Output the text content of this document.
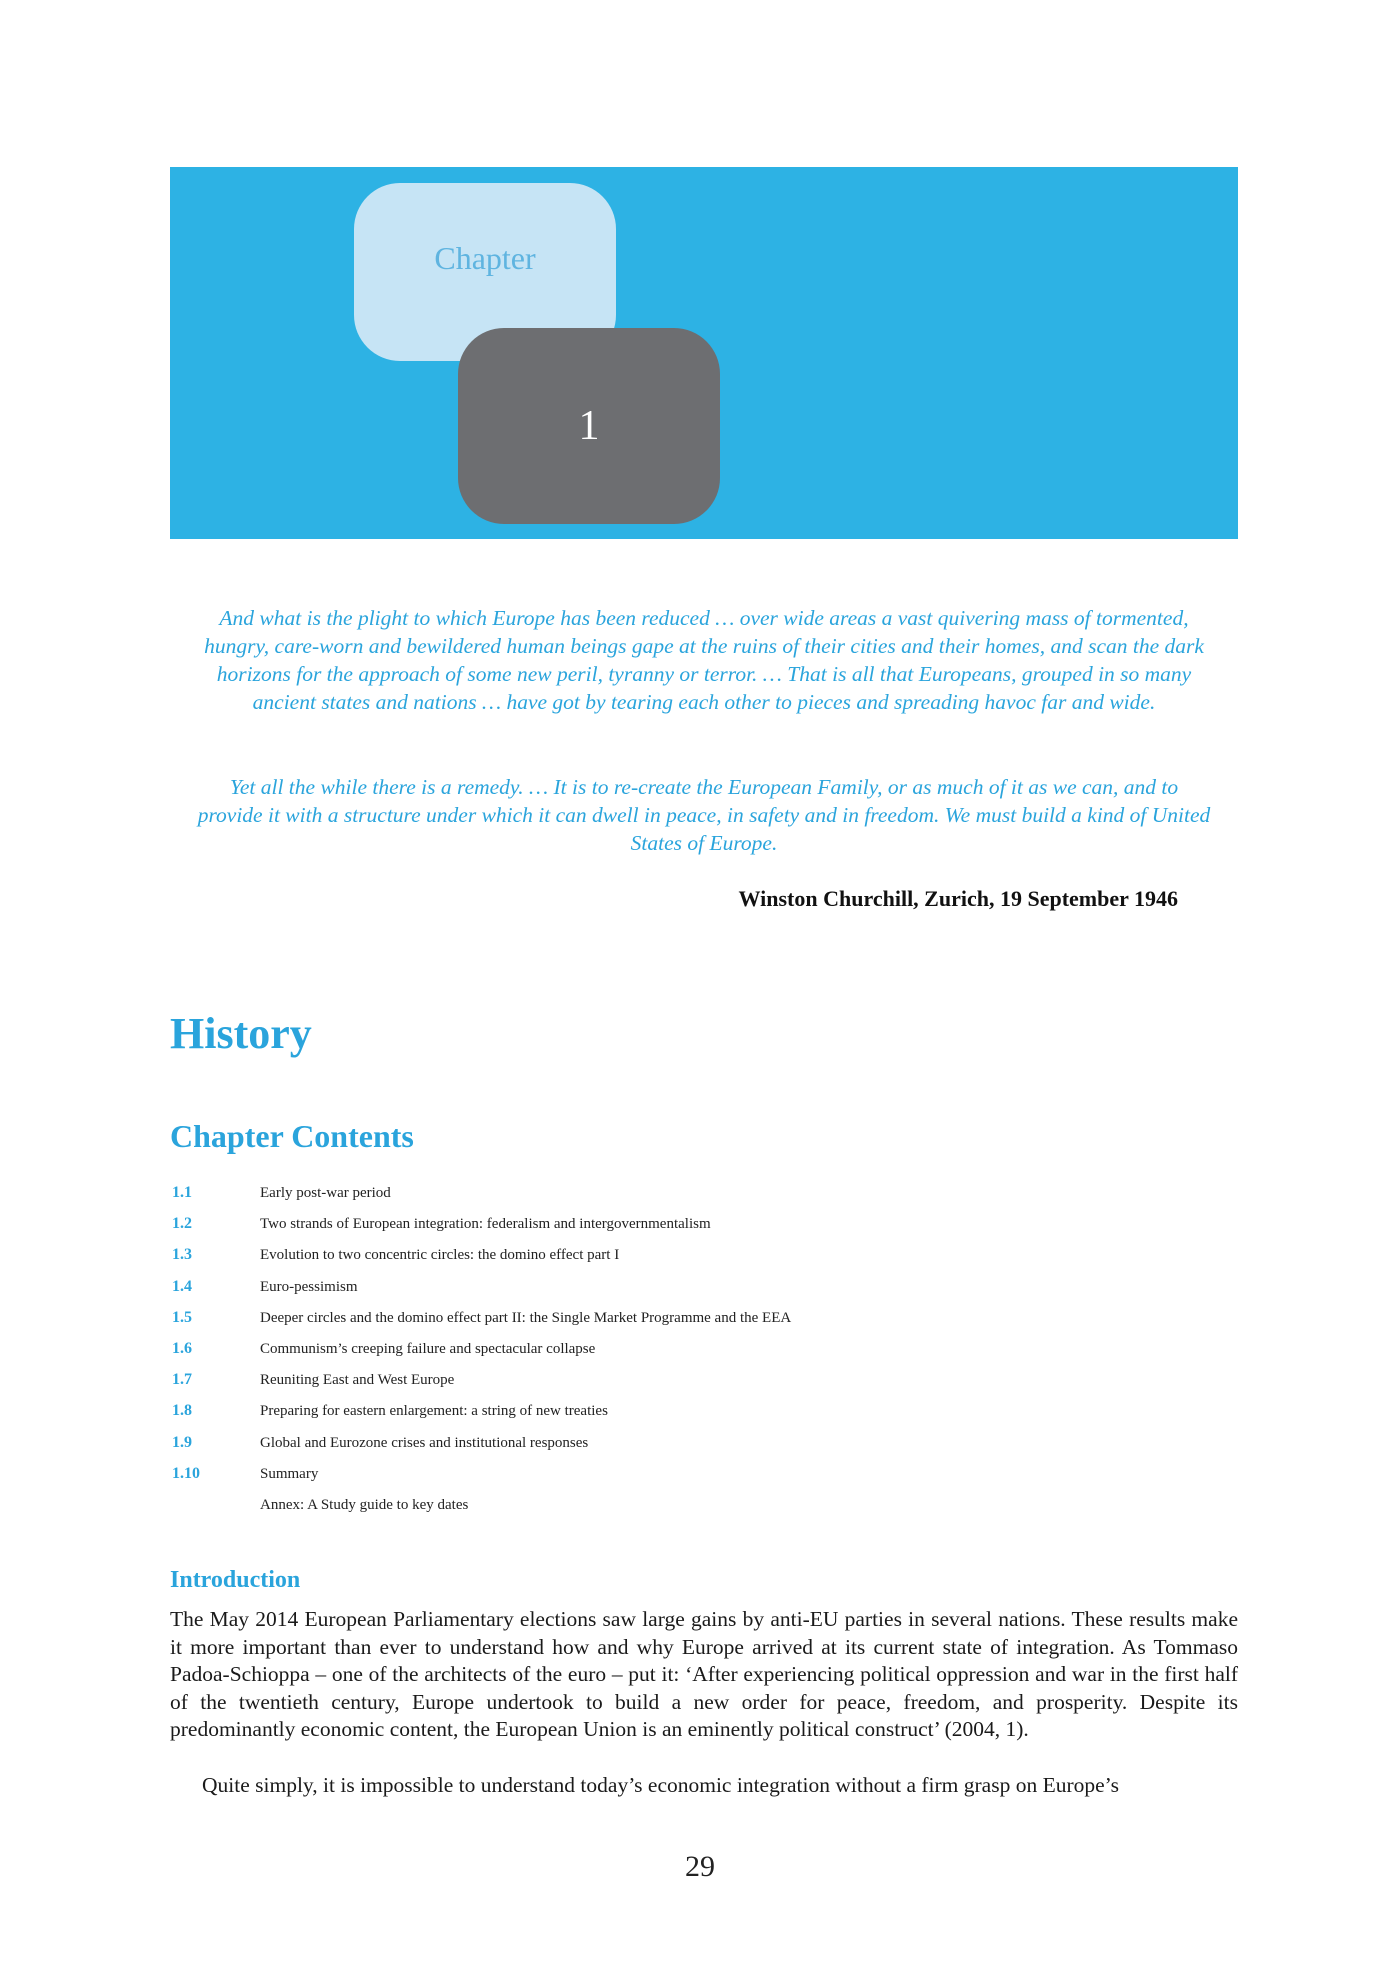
Chapter
1

And what is the plight to which Europe has been reduced … over wide areas a vast quivering mass of tormented, hungry, care-worn and bewildered human beings gape at the ruins of their cities and their homes, and scan the dark horizons for the approach of some new peril, tyranny or terror. … That is all that Europeans, grouped in so many ancient states and nations … have got by tearing each other to pieces and spreading havoc far and wide.

Yet all the while there is a remedy. … It is to re-create the European Family, or as much of it as we can, and to provide it with a structure under which it can dwell in peace, in safety and in freedom. We must build a kind of United States of Europe.

Winston Churchill, Zurich, 19 September 1946
History
Chapter Contents
1.1	Early post-war period
1.2	Two strands of European integration: federalism and intergovernmentalism
1.3	Evolution to two concentric circles: the domino effect part I
1.4	Euro-pessimism
1.5	Deeper circles and the domino effect part II: the Single Market Programme and the EEA
1.6	Communism’s creeping failure and spectacular collapse
1.7	Reuniting East and West Europe
1.8	Preparing for eastern enlargement: a string of new treaties
1.9	Global and Eurozone crises and institutional responses
1.10	Summary
Annex: A Study guide to key dates
Introduction

The May 2014 European Parliamentary elections saw large gains by anti-EU parties in several nations. These results make it more important than ever to understand how and why Europe arrived at its current state of integration. As Tommaso Padoa-Schioppa – one of the architects of the euro – put it: ‘After experiencing political oppression and war in the first half of the twentieth century, Europe undertook to build a new order for peace, freedom, and prosperity. Despite its predominantly economic content, the European Union is an eminently political construct’ (2004, 1).

Quite simply, it is impossible to understand today’s economic integration without a firm grasp on Europe’s

29
